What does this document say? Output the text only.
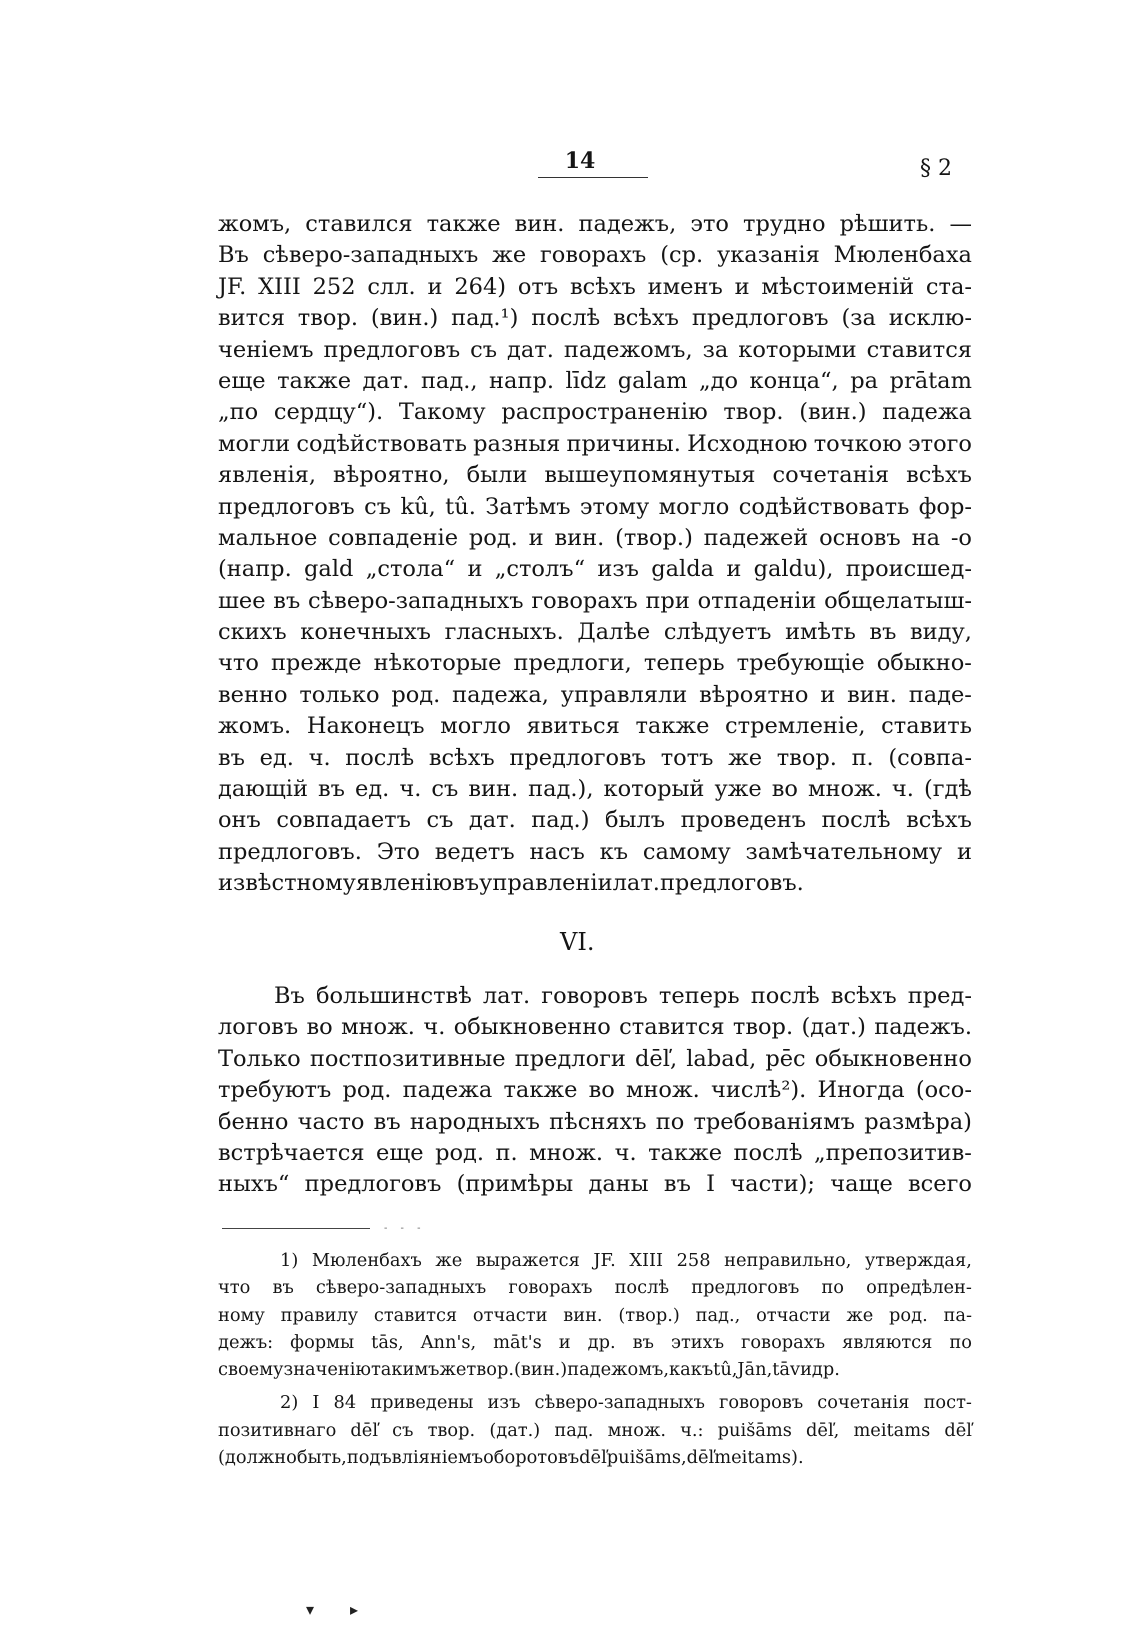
14	§ 2
жомъ, ставился также вин. падежъ, это трудно рѣшить. —
Въ сѣверо-западныхъ же говорахъ (ср. указанія Мюленбаха
JF. XIII 252 слл. и 264) отъ всѣхъ именъ и мѣстоименій ста-
вится твор. (вин.) пад.¹) послѣ всѣхъ предлоговъ (за исклю-
ченіемъ предлоговъ съ дат. падежомъ, за которыми ставится
еще также дат. пад., напр. līdz galam „до конца“, pa prātam
„по сердцу“). Такому распространенію твор. (вин.) падежа
могли содѣйствовать разныя причины. Исходною точкою этого
явленія, вѣроятно, были вышеупомянутыя сочетанія всѣхъ
предлоговъ съ kû, tû. Затѣмъ этому могло содѣйствовать фор-
мальное совпаденіе род. и вин. (твор.) падежей основъ на -о
(напр. gald „стола“ и „столъ“ изъ galda и galdu), происшед-
шее въ сѣверо-западныхъ говорахъ при отпаденіи общелатыш-
скихъ конечныхъ гласныхъ. Далѣе слѣдуетъ имѣть въ виду,
что прежде нѣкоторые предлоги, теперь требующіе обыкно-
венно только род. падежа, управляли вѣроятно и вин. паде-
жомъ. Наконецъ могло явиться также стремленіе, ставить
въ ед. ч. послѣ всѣхъ предлоговъ тотъ же твор. п. (совпа-
дающій въ ед. ч. съ вин. пад.), который уже во множ. ч. (гдѣ
онъ совпадаетъ съ дат. пад.) былъ проведенъ послѣ всѣхъ
предлоговъ. Это ведетъ насъ къ самому замѣчательному и
извѣстному явленію въ управленіи лат. предлоговъ.
VI.
Въ большинствѣ лат. говоровъ теперь послѣ всѣхъ пред-
логовъ во множ. ч. обыкновенно ставится твор. (дат.) падежъ.
Только постпозитивные предлоги dēľ, labad, pēc обыкновенно
требуютъ род. падежа также во множ. числѣ²). Иногда (осо-
бенно часто въ народныхъ пѣсняхъ по требованіямъ размѣра)
встрѣчается еще род. п. множ. ч. также послѣ „препозитив-
ныхъ“ предлоговъ (примѣры даны въ I части); чаще всего
- - -
1) Мюленбахъ же выражется JF. XIII 258 неправильно, утверждая,
что въ сѣверо-западныхъ говорахъ послѣ предлоговъ по опредѣлен-
ному правилу ставится отчасти вин. (твор.) пад., отчасти же род. па-
дежъ: формы tās, Ann's, māt's и др. въ этихъ говорахъ являются по
своему значенію такимъ же твор. (вин.) падежомъ, какъ tû, Jān, tāv и др.
2) I 84 приведены изъ сѣверо-западныхъ говоровъ сочетанія пост-
позитивнаго dēľ съ твор. (дат.) пад. множ. ч.: puišāms dēľ, meitams dēľ
(должно быть, подъ вліяніемъ оборотовъ dēľ puišāms, dēľ meitams).
▾ ▸
